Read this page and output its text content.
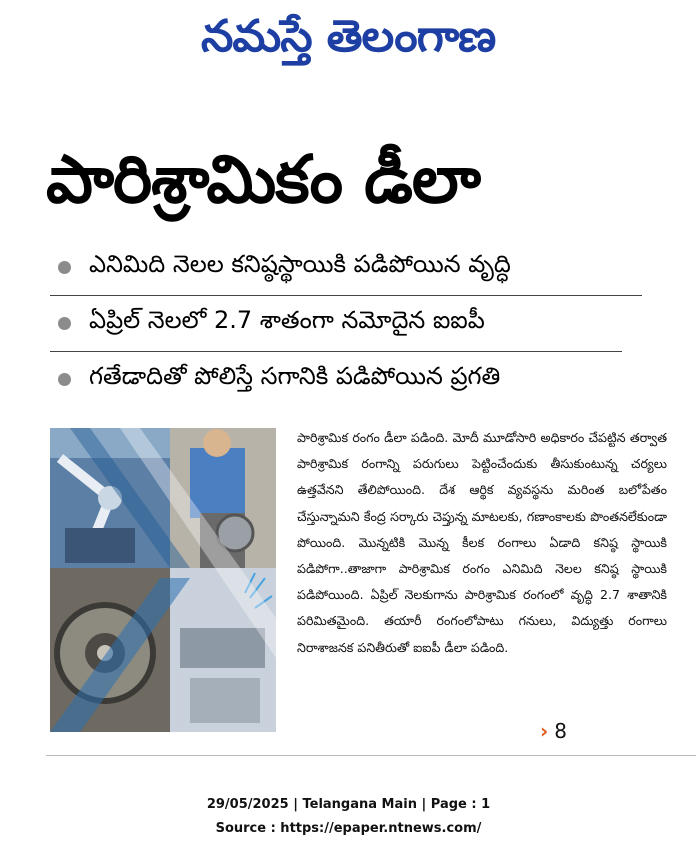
నమస్తే తెలంగాణ
పారిశ్రామికం డీలా
ఎనిమిది నెలల కనిష్ఠస్థాయికి పడిపోయిన వృద్ధి
ఏప్రిల్ నెలలో 2.7 శాతంగా నమోదైన ఐఐపీ
గతేడాదితో పోలిస్తే సగానికి పడిపోయిన ప్రగతి

పారిశ్రామిక రంగం డీలా పడింది. మోదీ మూడోసారి అధికారం చేపట్టిన తర్వాత పారిశ్రామిక రంగాన్ని పరుగులు పెట్టించేందుకు తీసుకుంటున్న చర్యలు ఉత్తవేనని తేలిపోయింది. దేశ ఆర్థిక వ్యవస్థను మరింత బలోపేతం చేస్తున్నామని కేంద్ర సర్కారు చెప్తున్న మాటలకు, గణాంకాలకు పొంతనలేకుండా పోయింది. మొన్నటికి మొన్న కీలక రంగాలు ఏడాది కనిష్ఠ స్థాయికి పడిపోగా..తాజాగా పారిశ్రామిక రంగం ఎనిమిది నెలల కనిష్ఠ స్థాయికి పడిపోయింది. ఏప్రిల్ నెలకుగాను పారిశ్రామిక రంగంలో వృద్ధి 2.7 శాతానికి పరిమితమైంది. తయారీ రంగంలోపాటు గనులు, విద్యుత్తు రంగాలు నిరాశాజనక పనితీరుతో ఐఐపీ డీలా పడింది.

› 8
29/05/2025 | Telangana Main | Page : 1
Source : https://epaper.ntnews.com/
